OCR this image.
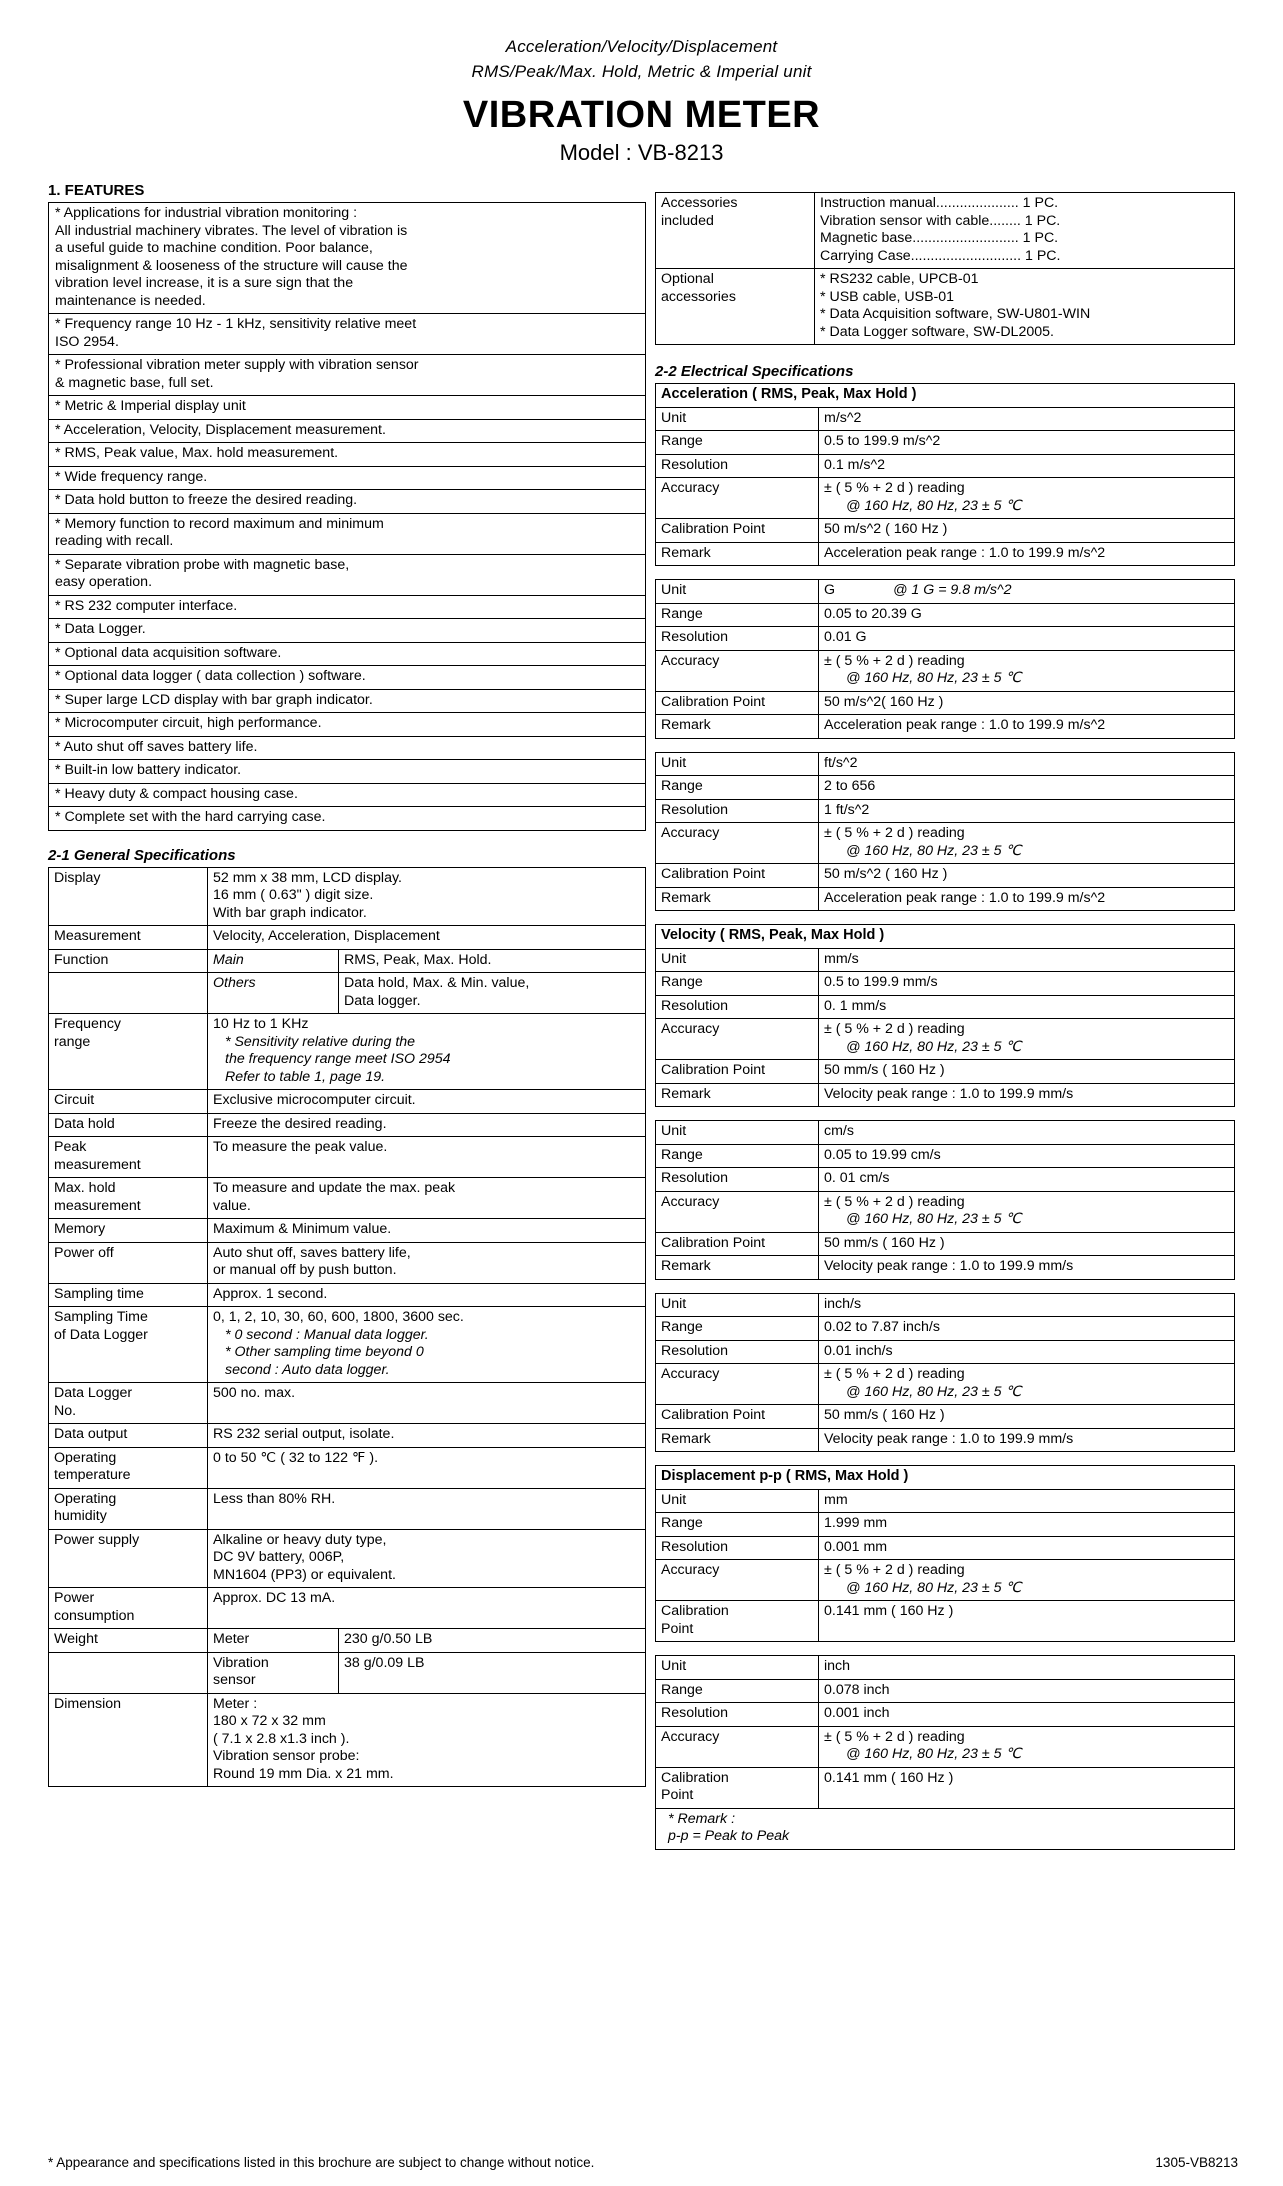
Acceleration/Velocity/Displacement
RMS/Peak/Max. Hold, Metric & Imperial unit
VIBRATION METER
Model : VB-8213
1. FEATURES
* Applications for industrial vibration monitoring :
All industrial machinery vibrates. The level of vibration is
a useful guide to machine condition. Poor balance,
misalignment & looseness of the structure will cause the
vibration level increase, it is a sure sign that the
maintenance is needed.
* Frequency range 10 Hz - 1 kHz, sensitivity relative meet
ISO 2954.
* Professional vibration meter supply with vibration sensor
& magnetic base, full set.
* Metric & Imperial display unit
* Acceleration, Velocity, Displacement measurement.
* RMS, Peak value, Max. hold measurement.
* Wide frequency range.
* Data hold button to freeze the desired reading.
* Memory function to record maximum and minimum
reading with recall.
* Separate vibration probe with magnetic base,
easy operation.
* RS 232 computer interface.
* Data Logger.
* Optional data acquisition software.
* Optional data logger ( data collection ) software.
* Super large LCD display with bar graph indicator.
* Microcomputer circuit, high performance.
* Auto shut off saves battery life.
* Built-in low battery indicator.
* Heavy duty & compact housing case.
* Complete set with the hard carrying case.
2-1 General Specifications
Display	52 mm x 38 mm, LCD display.
16 mm ( 0.63" ) digit size.
With bar graph indicator.	
Measurement	Velocity, Acceleration, Displacement	
Function	Main	RMS, Peak, Max. Hold.
	Others	Data hold, Max. & Min. value,
Data logger.
Frequency
range	10 Hz to 1 KHz
* Sensitivity relative during the
the frequency range meet ISO 2954
Refer to table 1, page 19.	

Circuit	Exclusive microcomputer circuit.	
Data hold	Freeze the desired reading.	
Peak
measurement	To measure the peak value.	
Max. hold
measurement	To measure and update the max. peak
value.	
Memory	Maximum & Minimum value.	
Power off	Auto shut off, saves battery life,
or manual off by push button.	
Sampling time	Approx. 1 second.	
Sampling Time
of Data Logger	0, 1, 2, 10, 30, 60, 600, 1800, 3600 sec.
* 0 second : Manual data logger.
* Other sampling time beyond 0
second : Auto data logger.	

Data Logger
No.	500 no. max.	
Data output	RS 232 serial output, isolate.	
Operating
temperature	0 to 50 ℃ ( 32 to 122 ℉ ).	
Operating
humidity	Less than 80% RH.	
Power supply	Alkaline or heavy duty type,
DC 9V battery, 006P,
MN1604 (PP3) or equivalent.	
Power
consumption	Approx. DC 13 mA.	
Weight	Meter	230 g/0.50 LB
	Vibration
sensor	38 g/0.09 LB
Dimension	Meter :
180 x 72 x 32 mm
( 7.1 x 2.8 x1.3 inch ).
Vibration sensor probe:
Round 19 mm Dia. x 21 mm.	
Accessories
included	Instruction manual..................... 1 PC.
Vibration sensor with cable........ 1 PC.
Magnetic base........................... 1 PC.
Carrying Case............................ 1 PC.
Optional
accessories	* RS232 cable, UPCB-01
* USB cable, USB-01
* Data Acquisition software, SW-U801-WIN
* Data Logger software, SW-DL2005.
2-2 Electrical Specifications
Acceleration ( RMS, Peak, Max Hold )	
Unit	m/s^2
Range	0.5 to 199.9 m/s^2
Resolution	0.1 m/s^2
Accuracy	± ( 5 % + 2 d ) reading
@ 160 Hz, 80 Hz, 23 ± 5 ℃

Calibration Point	50 m/s^2 ( 160 Hz )
Remark	Acceleration peak range : 1.0 to 199.9 m/s^2
Unit	G @ 1 G = 9.8 m/s^2
Range	0.05 to 20.39 G
Resolution	0.01 G
Accuracy	± ( 5 % + 2 d ) reading
@ 160 Hz, 80 Hz, 23 ± 5 ℃

Calibration Point	50 m/s^2( 160 Hz )
Remark	Acceleration peak range : 1.0 to 199.9 m/s^2
Unit	ft/s^2
Range	2 to 656
Resolution	1 ft/s^2
Accuracy	± ( 5 % + 2 d ) reading
@ 160 Hz, 80 Hz, 23 ± 5 ℃

Calibration Point	50 m/s^2 ( 160 Hz )
Remark	Acceleration peak range : 1.0 to 199.9 m/s^2
Velocity ( RMS, Peak, Max Hold )	
Unit	mm/s
Range	0.5 to 199.9 mm/s
Resolution	0. 1 mm/s
Accuracy	± ( 5 % + 2 d ) reading
@ 160 Hz, 80 Hz, 23 ± 5 ℃

Calibration Point	50 mm/s ( 160 Hz )
Remark	Velocity peak range : 1.0 to 199.9 mm/s
Unit	cm/s
Range	0.05 to 19.99 cm/s
Resolution	0. 01 cm/s
Accuracy	± ( 5 % + 2 d ) reading
@ 160 Hz, 80 Hz, 23 ± 5 ℃

Calibration Point	50 mm/s ( 160 Hz )
Remark	Velocity peak range : 1.0 to 199.9 mm/s
Unit	inch/s
Range	0.02 to 7.87 inch/s
Resolution	0.01 inch/s
Accuracy	± ( 5 % + 2 d ) reading
@ 160 Hz, 80 Hz, 23 ± 5 ℃

Calibration Point	50 mm/s ( 160 Hz )
Remark	Velocity peak range : 1.0 to 199.9 mm/s
Displacement p-p ( RMS, Max Hold )	
Unit	mm
Range	1.999 mm
Resolution	0.001 mm
Accuracy	± ( 5 % + 2 d ) reading
@ 160 Hz, 80 Hz, 23 ± 5 ℃

Calibration
Point	0.141 mm ( 160 Hz )
Unit	inch
Range	0.078 inch
Resolution	0.001 inch
Accuracy	± ( 5 % + 2 d ) reading
@ 160 Hz, 80 Hz, 23 ± 5 ℃

Calibration
Point	0.141 mm ( 160 Hz )
* Remark :
p-p = Peak to Peak	
1305-VB8213
* Appearance and specifications listed in this brochure are subject to change without notice.
